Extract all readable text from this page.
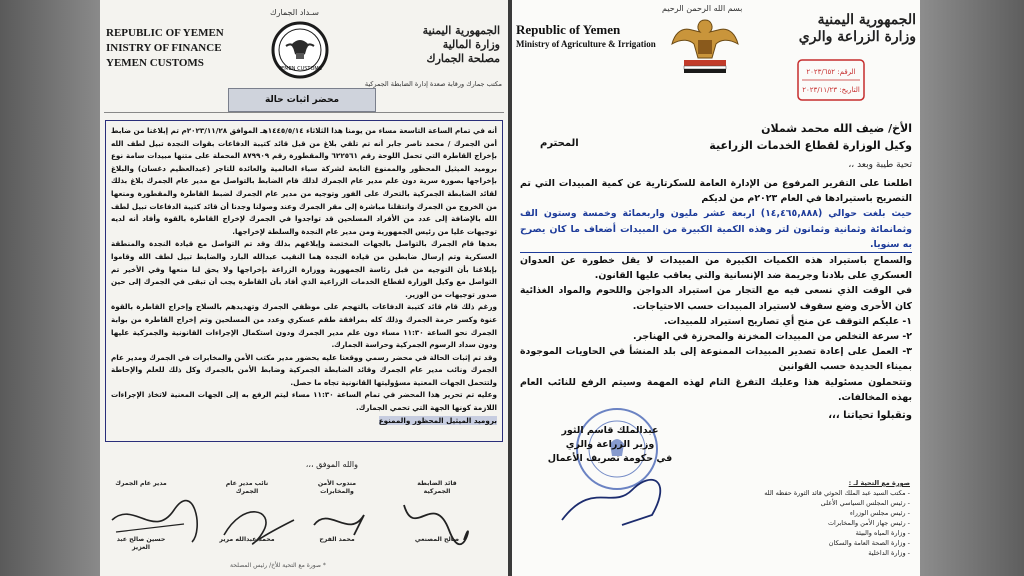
سـداد الجمارك
REPUBLIC OF YEMEN
INISTRY OF FINANCE
YEMEN CUSTOMS	YEMEN CUSTOMS
الجمهورية اليمنية
وزارة المالية
مصلحة الجمارك
مكتب جمارك ورقابة صعدة إدارة الضابطة الجمركية
محضر اثبات حالة

أنه في تمام الساعة التاسعة مساء من يومنا هذا الثلاثاء ١٤٤٥/٥/١٤هـ الموافق ٢٠٢٣/١١/٢٨م تم إبلاغنا من ضابط أمن الجمرك / محمد ناصر جابر أنه تم تلقي بلاغ من قبل قائد كتيبة الدفاعات بقوات النجدة تبيل لطف الله بإخراج القاطرة التي تحمل اللوحة رقم ٦٢٢٥٦١ والمقطورة رقم ٨٧٩٩٠٩ المحملة على متنها مبيدات سامة نوع بروميد الميثيل المحظور والممنوع التابعة لشركة سباء العالمية والعائدة للتاجر (عبدالعظيم دغسان) والبلاغ بإخراجها بصورة سرية دون علم مدير عام الجمرك لذلك قام الضابط بالتواصل مع مدير عام الجمرك بلاغ بذلك لقائد الضابطة الجمركية بالتحرك على الفور وتوجيه من مدير عام الجمرك لضبط القاطرة والمقطورة ومنعها من الخروج من الجمرك وانتقلنا مباشرة إلى مقر الجمرك وعند وصولنا وجدنا أن قائد كتيبة الدفاعات تبيل لطف الله بالإضافة إلى عدد من الأفراد المسلحين قد تواجدوا في الجمرك لإخراج القاطرة بالقوة وأفاد أنه لديه توجيهات عليا من رئيس الجمهورية ومن مدير عام النجدة والسلطة لإخراجها.

بعدها قام الجمرك بالتواصل بالجهات المختصة وإبلاغهم بذلك وقد تم التواصل مع قيادة النجدة والمنطقة العسكرية وتم إرسال ضابطين من قيادة النجدة هما النقيب عبدالله البارد والضابط تبيل لطف الله وقاموا بإبلاغنا بأن التوجيه من قبل رئاسة الجمهورية ووزارة الزراعة بإخراجها ولا يحق لنا منعها وفي الأخير تم التواصل مع وكيل الوزارة لقطاع الخدمات الزراعية الذي أفاد بأن القاطرة يجب أن تبقى في الجمرك إلى حين صدور توجيهات من الوزير.

ورغم ذلك قام قائد كتيبة الدفاعات بالتهجم على موظفي الجمرك وتهديدهم بالسلاح وإخراج القاطرة بالقوة عنوة وكسر حرمة الجمرك وذلك كله بمرافقة طقم عسكري وعدد من المسلحين وتم إخراج القاطرة من بوابة الجمرك نحو الساعة ١١:٣٠ مساء دون علم مدير الجمرك ودون استكمال الإجراءات القانونية والجمركية عليها ودون سداد الرسوم الجمركية وحراسة الجمارك.

وقد تم إثبات الحالة في محضر رسمي ووقعنا عليه بحضور مدير مكتب الأمن والمخابرات في الجمرك ومدير عام الجمرك ونائب مدير عام الجمرك وقائد الضابطة الجمركية وضابط الأمن بالجمرك وكل ذلك للعلم والإحاطة ولتتحمل الجهات المعنية مسؤوليتها القانونية تجاه ما حصل.

وعليه تم تحرير هذا المحضر في تمام الساعة ١١:٣٠ مساء ليتم الرفع به إلى الجهات المعنية لاتخاذ الإجراءات اللازمة كونها الجهة التي تحمي الجمارك.

بروميد الميثيل المحظور والممنوع
والله الموفق ،،،
مدير عام الجمرك
حسين صالح عبد العزيز
نائب مدير عام الجمرك
محمد عبدالله مرير
مندوب الأمن والمخابرات
محمد الفرح
قائد الضابطة الجمركية
صالح المصنعي
* صورة مع التحية للأخ/ رئيس المصلحة
بسم الله الرحمن الرحيم
Republic of Yemen
Ministry of Agriculture & Irrigation
الجمهورية اليمنية
وزارة الزراعة والري
الرقم: ٢٠٢٣/٦٥٢
التاريخ: ٢٠٢٣/١١/٢٣
الأخ/ ضيف الله محمد شملان
وكيل الوزارة لقطاع الخدمات الزراعية
المحترم
تحية طيبة وبعد ،،
اطلعنا على التقرير المرفوع من الإدارة العامة للسكرتارية عن كمية المبيدات التي تم التصريح باستيرادها في العام ٢٠٢٣م من لديكم
حيث بلغت حوالي (١٤,٤٦٥,٨٨٨) اربعة عشر مليون واربعمائة وخمسة وستون الف وثمانمائة وثمانية وثمانون لتر وهذه الكمية الكبيرة من المبيدات أضعاف ما كان يصرح به سنويا.
والسماح باستيراد هذه الكميات الكبيرة من المبيدات لا يقل خطورة عن العدوان العسكري على بلادنا وجريمة ضد الإنسانية والتي يعاقب عليها القانون.
في الوقت الذي نسعى فيه مع التجار من استيراد الدواجن واللحوم والمواد الغذائية كان الأحرى وضع سقوف لاستيراد المبيدات حسب الاحتياجات.
١- عليكم التوقف عن منح أي تصاريح استيراد للمبيدات.
٢- سرعة التخلص من المبيدات المخزنة والمحرزة في الهناجر.
٣- العمل على إعادة تصدير المبيدات الممنوعة إلى بلد المنشأ في الحاويات الموجودة بميناء الحديدة حسب القوانين
وتتحملون مسئولية هذا وعليك التفرغ التام لهذه المهمة وسيتم الرفع للنائب العام بهذه المخالفات.
وتقبلوا تحياتنا ،،،
عبدالملك قاسم الثور
وزير الزراعة والري
في حكومة تصريف الأعمال
صورة مع التحية لـ :
- مكتب السيد عبد الملك الحوثي قائد الثورة حفظه الله
- رئيس المجلس السياسي الأعلى
- رئيس مجلس الوزراء
- رئيس جهاز الأمن والمخابرات
- وزارة المياه والبيئة
- وزارة الصحة العامة والسكان
- وزارة الداخلية
